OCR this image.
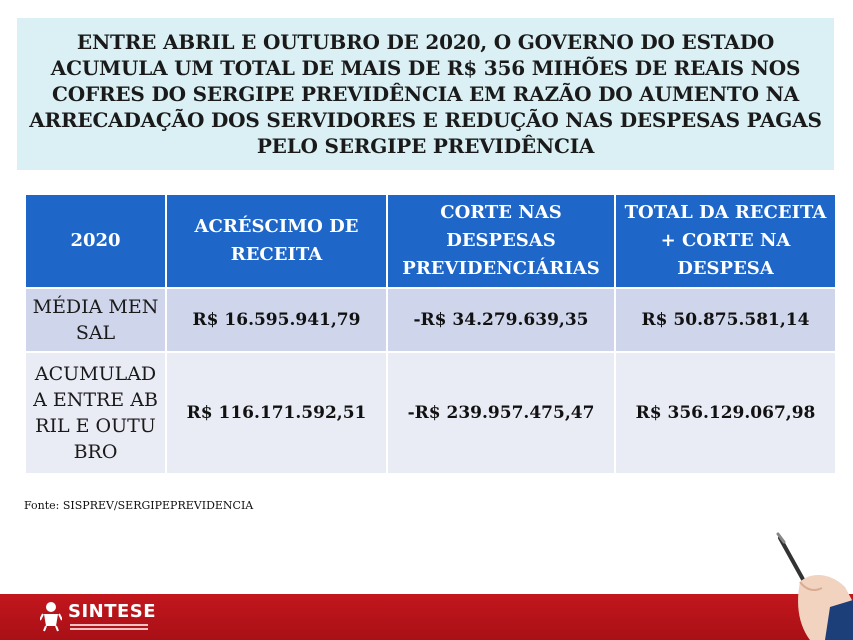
ENTRE ABRIL E OUTUBRO DE 2020, O GOVERNO DO ESTADO ACUMULA UM TOTAL DE MAIS DE R$ 356 MIHÕES DE REAIS NOS COFRES DO SERGIPE PREVIDÊNCIA EM RAZÃO DO AUMENTO NA ARRECADAÇÃO DOS SERVIDORES E REDUÇÃO NAS DESPESAS PAGAS PELO SERGIPE PREVIDÊNCIA
2020	ACRÉSCIMO DE RECEITA	CORTE NAS DESPESAS PREVIDENCIÁRIAS	TOTAL DA RECEITA + CORTE NA DESPESA
MÉDIA MENSAL	R$ 16.595.941,79	-R$ 34.279.639,35	R$ 50.875.581,14
ACUMULADA ENTRE ABRIL E OUTUBRO	R$ 116.171.592,51	-R$ 239.957.475,47	R$ 356.129.067,98
Fonte: SISPREV/SERGIPEPREVIDENCIA
SINTESE
